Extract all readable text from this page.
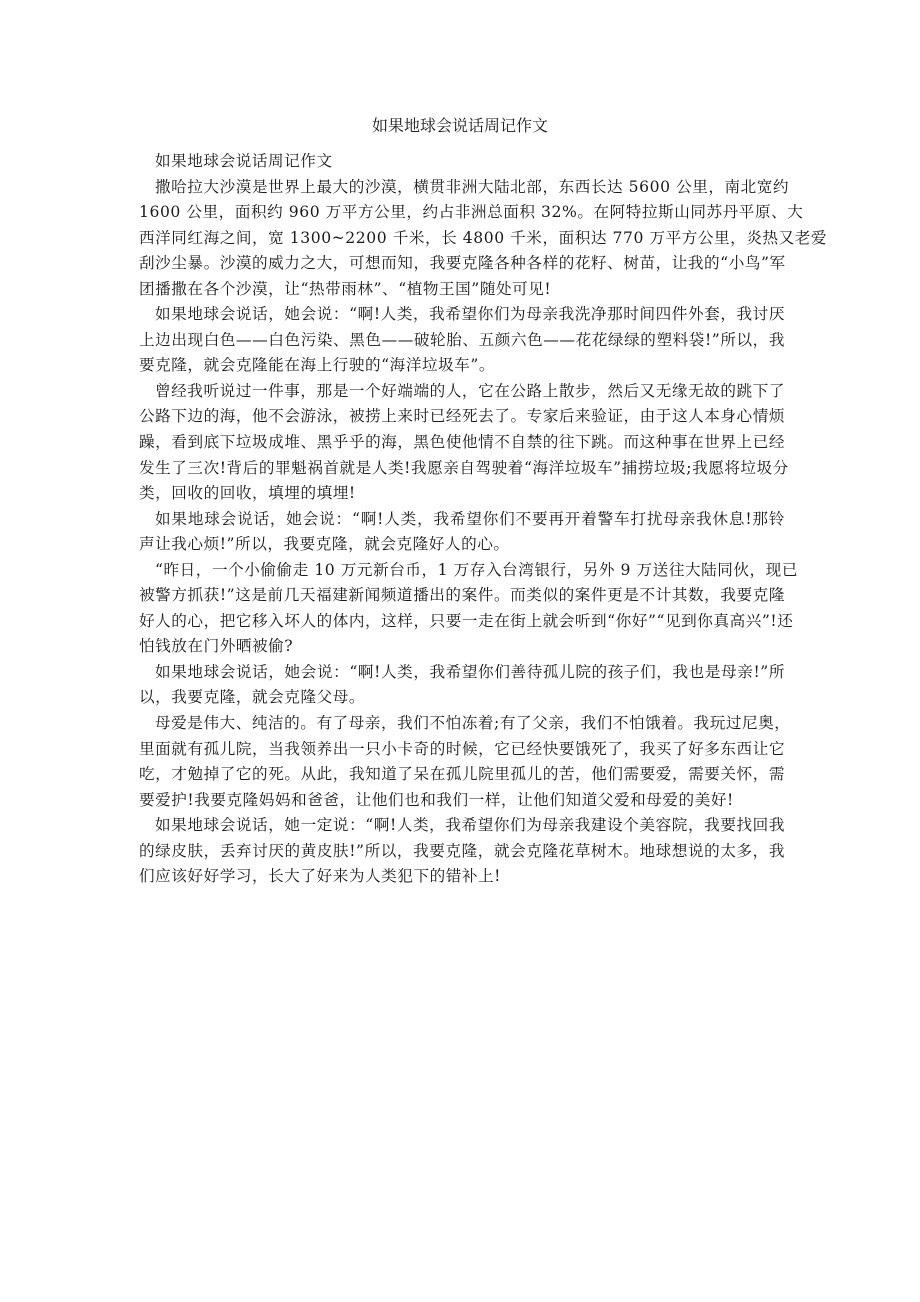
如果地球会说话周记作文
如果地球会说话周记作文
撒哈拉大沙漠是世界上最大的沙漠，横贯非洲大陆北部，东西长达 5600 公里，南北宽约
1600 公里，面积约 960 万平方公里，约占非洲总面积 32%。在阿特拉斯山同苏丹平原、大
西洋同红海之间，宽 1300~2200 千米，长 4800 千米，面积达 770 万平方公里，炎热又老爱
刮沙尘暴。沙漠的威力之大，可想而知，我要克隆各种各样的花籽、树苗，让我的“小鸟”军
团播撒在各个沙漠，让“热带雨林”、“植物王国”随处可见!
如果地球会说话，她会说：“啊!人类，我希望你们为母亲我洗净那时间四件外套，我讨厌
上边出现白色——白色污染、黑色——破轮胎、五颜六色——花花绿绿的塑料袋!”所以，我
要克隆，就会克隆能在海上行驶的“海洋垃圾车”。
曾经我听说过一件事，那是一个好端端的人，它在公路上散步，然后又无缘无故的跳下了
公路下边的海，他不会游泳，被捞上来时已经死去了。专家后来验证，由于这人本身心情烦
躁，看到底下垃圾成堆、黑乎乎的海，黑色使他情不自禁的往下跳。而这种事在世界上已经
发生了三次!背后的罪魁祸首就是人类!我愿亲自驾驶着“海洋垃圾车”捕捞垃圾;我愿将垃圾分
类，回收的回收，填埋的填埋!
如果地球会说话，她会说：“啊!人类，我希望你们不要再开着警车打扰母亲我休息!那铃
声让我心烦!”所以，我要克隆，就会克隆好人的心。
“昨日，一个小偷偷走 10 万元新台币，1 万存入台湾银行，另外 9 万送往大陆同伙，现已
被警方抓获!”这是前几天福建新闻频道播出的案件。而类似的案件更是不计其数，我要克隆
好人的心，把它移入坏人的体内，这样，只要一走在街上就会听到“你好”“见到你真高兴”!还
怕钱放在门外晒被偷?
如果地球会说话，她会说：“啊!人类，我希望你们善待孤儿院的孩子们，我也是母亲!”所
以，我要克隆，就会克隆父母。
母爱是伟大、纯洁的。有了母亲，我们不怕冻着;有了父亲，我们不怕饿着。我玩过尼奥，
里面就有孤儿院，当我领养出一只小卡奇的时候，它已经快要饿死了，我买了好多东西让它
吃，才勉掉了它的死。从此，我知道了呆在孤儿院里孤儿的苦，他们需要爱，需要关怀，需
要爱护!我要克隆妈妈和爸爸，让他们也和我们一样，让他们知道父爱和母爱的美好!
如果地球会说话，她一定说：“啊!人类，我希望你们为母亲我建设个美容院，我要找回我
的绿皮肤，丢弃讨厌的黄皮肤!”所以，我要克隆，就会克隆花草树木。地球想说的太多，我
们应该好好学习，长大了好来为人类犯下的错补上!
